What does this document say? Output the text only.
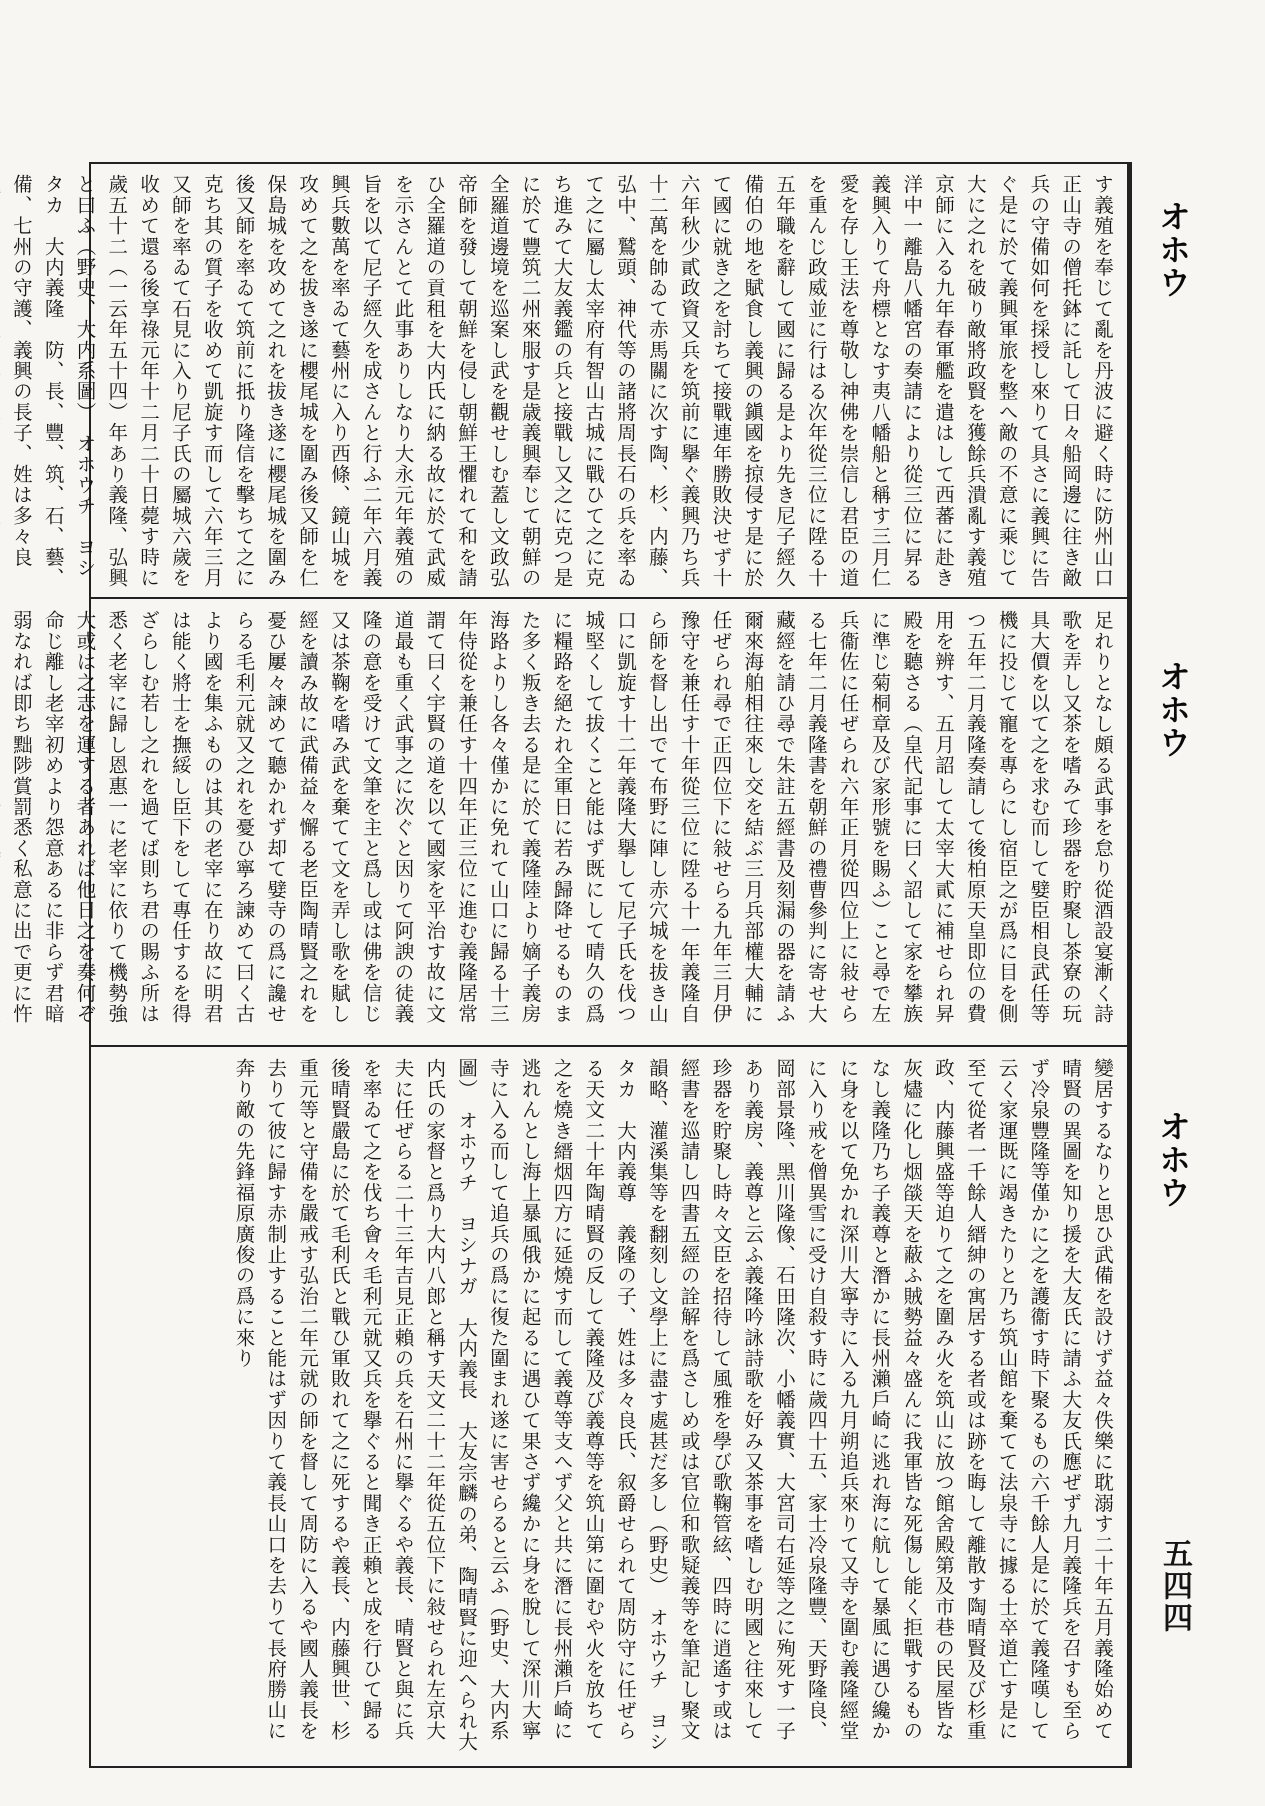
す義殖を奉じて亂を丹波に避く時に防州山口正山寺の僧托鉢に託して日々船岡邊に往き敵兵の守備如何を採授し來りて具さに義興に告ぐ是に於て義興軍旅を整へ敵の不意に乘じて大に之れを破り敵將政賢を獲餘兵潰亂す義殖京師に入る九年春軍艦を遣はして西蕃に赴き洋中一離島八幡宮の奏請により從三位に昇る義興入りて舟標となす夷八幡船と稱す三月仁愛を存し王法を尊敬し神佛を崇信し君臣の道を重んじ政威並に行はる次年從三位に陞る十五年職を辭して國に歸る是より先き尼子經久備伯の地を賦食し義興の鎭國を掠侵す是に於て國に就き之を討ちて接戰連年勝敗決せず十六年秋少貳政資又兵を筑前に擧ぐ義興乃ち兵十二萬を帥ゐて赤馬關に次す陶、杉、内藤、弘中、鷲頭、神代等の諸將周長石の兵を率ゐて之に屬し太宰府有智山古城に戰ひて之に克ち進みて大友義鑑の兵と接戰し又之に克つ是に於て豐筑二州來服す是歳義興奉じて朝鮮の全羅道邊境を巡案し武を觀せしむ蓋し文政弘帝師を發して朝鮮を侵し朝鮮王懼れて和を請ひ全羅道の貢租を大内氏に納る故に於て武威を示さんとて此事ありしなり大永元年義殖の旨を以て尼子經久を成さんと行ふ二年六月義興兵數萬を率ゐて藝州に入り西條、鏡山城を攻めて之を拔き遂に櫻尾城を圍み後又師を仁保島城を攻めて之れを拔き遂に櫻尾城を圍み後又師を率ゐて筑前に抵り隆信を擊ちて之に克ち其の質子を收めて凱旋す而して六年三月又師を率ゐて石見に入り尼子氏の屬城六歲を收めて還る後享祿元年十二月二十日薨す時に歲五十二（一云年五十四）年あり義隆、弘興と曰ふ（野史、大内系圖）　オホウチ　ヨシタカ　大内義隆　防、長、豐、筑、石、藝、備、七州の守護、義興の長子、姓は多々良
足れりとなし頗る武事を怠り從酒設宴漸く詩歌を弄し又茶を嗜みて珍器を貯聚し茶寮の玩具大價を以て之を求む而して嬖臣相良武任等機に投じて寵を專らにし宿臣之が爲に目を側つ五年二月義隆奏請して後柏原天皇即位の費用を辨す、五月詔して太宰大貳に補せられ昇殿を聽さる（皇代記事に曰く詔して家を攀族に準じ菊桐章及び家形號を賜ふ）こと尋で左兵衞佐に任ぜられ六年正月從四位上に敍せらる七年二月義隆書を朝鮮の禮曹參判に寄せ大藏經を請ひ尋で朱註五經書及刻漏の器を請ふ爾來海舶相往來し交を結ぶ三月兵部權大輔に任ぜられ尋で正四位下に敍せらる九年三月伊豫守を兼任す十年從三位に陞る十一年義隆自ら師を督し出でて布野に陣し赤穴城を拔き山口に凱旋す十二年義隆大擧して尼子氏を伐つ城堅くして拔くこと能はず既にして晴久の爲に糧路を絕たれ全軍日に若み歸降せるものまた多く叛き去る是に於て義隆陸より嫡子義房海路よりし各々僅かに免れて山口に歸る十三年侍從を兼任す十四年正三位に進む義隆居常謂て曰く宇賢の道を以て國家を平治す故に文道最も重く武事之に次ぐと因りて阿諛の徒義隆の意を受けて文筆を主と爲し或は佛を信じ又は茶鞠を嗜み武を棄てて文を弄し歌を賦し經を讀み故に武備益々懈る老臣陶晴賢之れを憂ひ屢々諫めて聽かれず却て嬖寺の爲に讒せらる毛利元就又之れを憂ひ寧ろ諫めて曰く古より國を集ふものは其の老宰に在り故に明君は能く將士を撫綏し臣下をして專任するを得ざらしむ若し之れを過てば則ち君の賜ふ所は悉く老宰に歸し恩惠一に老宰に依りて機勢強大或は之志を運する者あれば他日之を奏何ぞ命じ離し老宰初めより怨意あるに非らず君暗弱なれば即ち黜陟賞罰悉く私意に出で更に忤
變居するなりと思ひ武備を設けず益々佚樂に耽溺す二十年五月義隆始めて晴賢の異圖を知り援を大友氏に請ふ大友氏應ぜず九月義隆兵を召すも至らず冷泉豐隆等僅かに之を護衞す時下聚るもの六千餘人是に於て義隆嘆して云く家運既に竭きたりと乃ち筑山館を棄てて法泉寺に據る士卒道亡す是に至て從者一千餘人縉紳の寓居する者或は跡を晦して離散す陶晴賢及び杉重政、内藤興盛等迫りて之を圍み火を筑山に放つ館舍殿第及市巷の民屋皆な灰燼に化し烟燄天を蔽ふ賊勢益々盛んに我軍皆な死傷し能く拒戰するものなし義隆乃ち子義尊と潛かに長州瀨戶崎に逃れ海に航して暴風に遇ひ纔かに身を以て免かれ深川大寧寺に入る九月朔追兵來りて又寺を圍む義隆經堂に入り戒を僧異雪に受け自殺す時に歲四十五、家士冷泉隆豐、天野隆良、岡部景隆、黑川隆像、石田隆次、小幡義實、大宮司右延等之に殉死す一子あり義房、義尊と云ふ義隆吟詠詩歌を好み又茶事を嗜しむ明國と往來して珍器を貯聚し時々文臣を招待して風雅を學び歌鞠管絃、四時に逍遙す或は經書を巡請し四書五經の詮解を爲さしめ或は官位和歌疑義等を筆記し聚文韻略、灌溪集等を翻刻し文學上に盡す處甚だ多し（野史）　オホウチ　ヨシタカ　大内義尊　義隆の子、姓は多々良氏、叙爵せられて周防守に任ぜらる天文二十年陶晴賢の反して義隆及び義尊等を筑山第に圍むや火を放ちて之を燒き縉烟四方に延燒す而して義尊等支へず父と共に潛に長州瀨戶崎に逃れんとし海上暴風俄かに起るに遇ひて果さず纔かに身を脫して深川大寧寺に入る而して追兵の爲に復た圍まれ遂に害せらると云ふ（野史、大内系圖）　オホウチ　ヨシナガ　大内義長　大友宗麟の弟、陶晴賢に迎へられ大内氏の家督と爲り大内八郎と稱す天文二十二年從五位下に敍せられ左京大夫に任ぜらる二十三年吉見正賴の兵を石州に擧ぐるや義長、晴賢と與に兵を率ゐて之を伐ち會々毛利元就又兵を擧ぐると聞き正賴と成を行ひて歸る後晴賢嚴島に於て毛利氏と戰ひ軍敗れて之に死するや義長、内藤興世、杉重元等と守備を嚴戒す弘治二年元就の師を督して周防に入るや國人義長を去りて彼に歸す赤制止すること能はず因りて義長山口を去りて長府勝山に奔り敵の先鋒福原廣俊の爲に來り
オホウ
オホウ
オホウ
五四四
